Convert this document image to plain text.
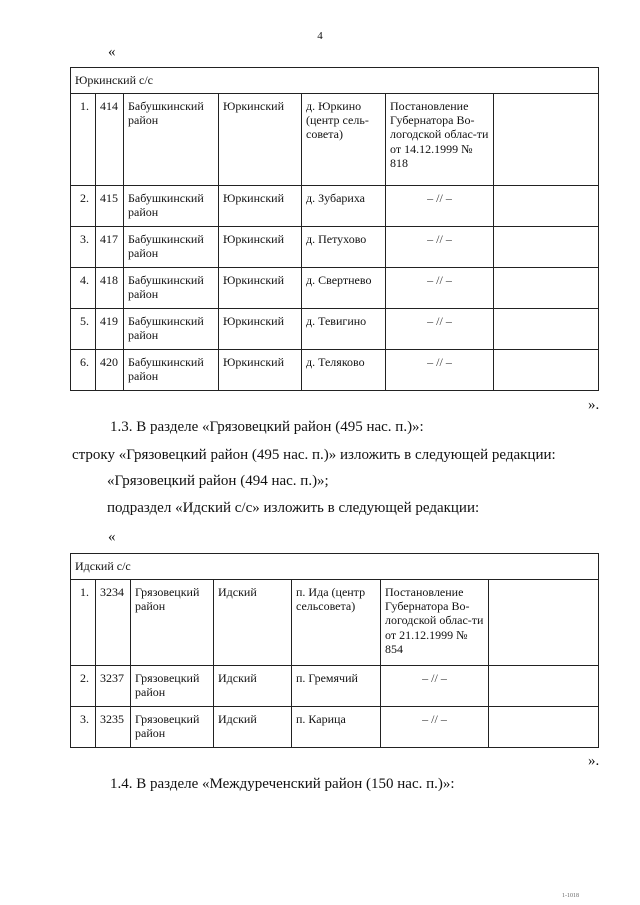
4
«
Юркинский с/с						
1.	414	Бабушкинский район	Юркинский	д. Юркино (центр сель-совета)	Постановление Губернатора Во-логодской облас-ти от 14.12.1999 № 818	
2.	415	Бабушкинский район	Юркинский	д. Зубариха	– // –	
3.	417	Бабушкинский район	Юркинский	д. Петухово	– // –	
4.	418	Бабушкинский район	Юркинский	д. Свертнево	– // –	
5.	419	Бабушкинский район	Юркинский	д. Тевигино	– // –	
6.	420	Бабушкинский район	Юркинский	д. Теляково	– // –	
».
1.3. В разделе «Грязовецкий район (495 нас. п.)»:
строку «Грязовецкий район (495 нас. п.)» изложить в следующей редакции:
«Грязовецкий район (494 нас. п.)»;
подраздел «Идский с/с» изложить в следующей редакции:
«
Идский с/с						
1.	3234	Грязовецкий район	Идский	п. Ида (центр сельсовета)	Постановление Губернатора Во-логодской облас-ти от 21.12.1999 № 854	
2.	3237	Грязовецкий район	Идский	п. Гремячий	– // –	
3.	3235	Грязовецкий район	Идский	п. Карица	– // –	
».
1.4. В разделе «Междуреченский район (150 нас. п.)»:
1-1018
